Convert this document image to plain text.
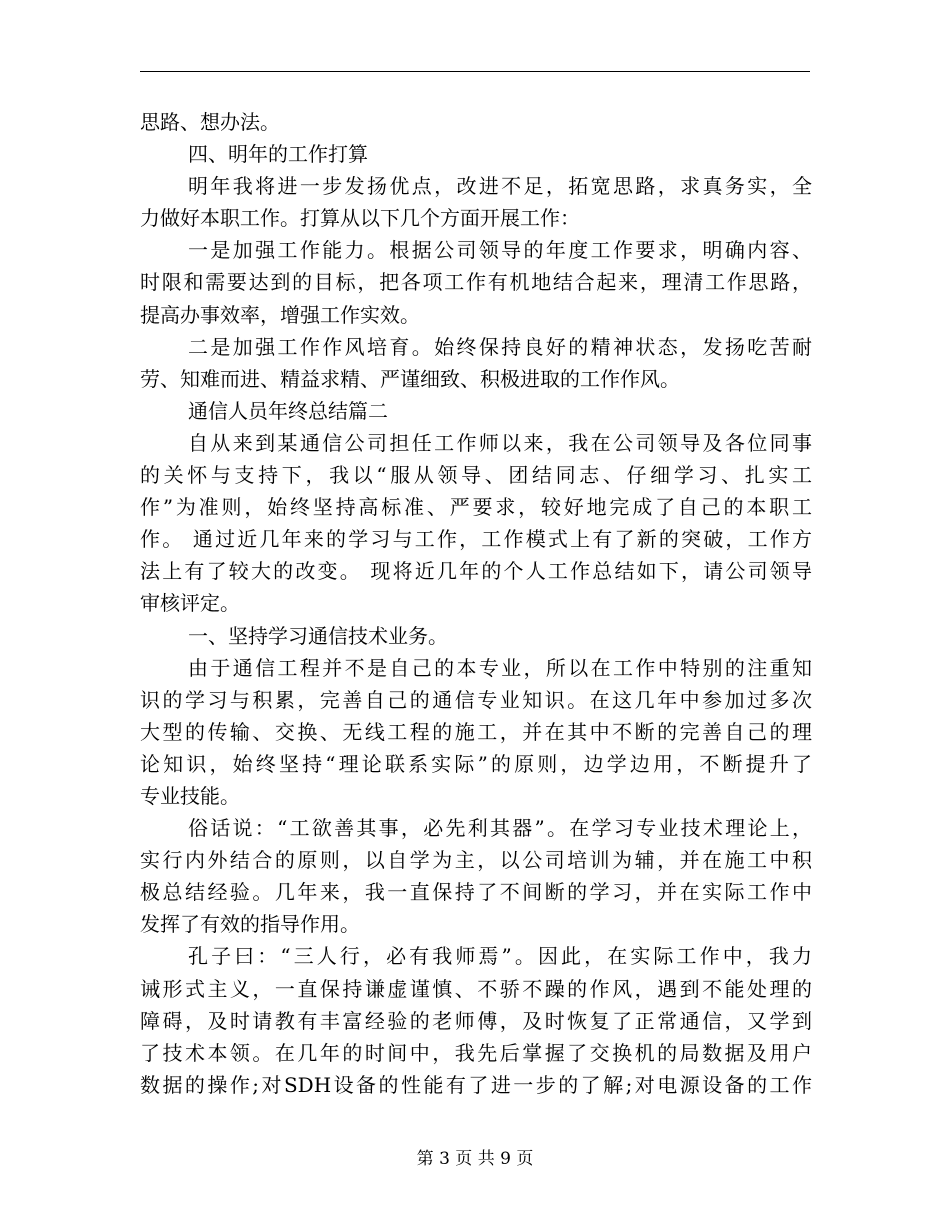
思路、想办法。
四、明年的工作打算
明年我将进一步发扬优点，改进不足，拓宽思路，求真务实，全
力做好本职工作。打算从以下几个方面开展工作：
一是加强工作能力。根据公司领导的年度工作要求，明确内容、
时限和需要达到的目标，把各项工作有机地结合起来，理清工作思路，
提高办事效率，增强工作实效。
二是加强工作作风培育。始终保持良好的精神状态，发扬吃苦耐
劳、知难而进、精益求精、严谨细致、积极进取的工作作风。
通信人员年终总结篇二
自从来到某通信公司担任工作师以来，我在公司领导及各位同事
的关怀与支持下，我以“服从领导、团结同志、仔细学习、扎实工
作”为准则，始终坚持高标准、严要求，较好地完成了自己的本职工
作。 通过近几年来的学习与工作，工作模式上有了新的突破，工作方
法上有了较大的改变。 现将近几年的个人工作总结如下，请公司领导
审核评定。
一、坚持学习通信技术业务。
由于通信工程并不是自己的本专业，所以在工作中特别的注重知
识的学习与积累，完善自己的通信专业知识。在这几年中参加过多次
大型的传输、交换、无线工程的施工，并在其中不断的完善自己的理
论知识，始终坚持“理论联系实际”的原则，边学边用，不断提升了
专业技能。
俗话说：“工欲善其事，必先利其器”。在学习专业技术理论上，
实行内外结合的原则，以自学为主，以公司培训为辅，并在施工中积
极总结经验。几年来，我一直保持了不间断的学习，并在实际工作中
发挥了有效的指导作用。
孔子曰：“三人行，必有我师焉”。因此，在实际工作中，我力
诫形式主义，一直保持谦虚谨慎、不骄不躁的作风，遇到不能处理的
障碍，及时请教有丰富经验的老师傅，及时恢复了正常通信，又学到
了技术本领。在几年的时间中，我先后掌握了交换机的局数据及用户
数据的操作;对SDH设备的性能有了进一步的了解;对电源设备的工作
第 3 页 共 9 页
